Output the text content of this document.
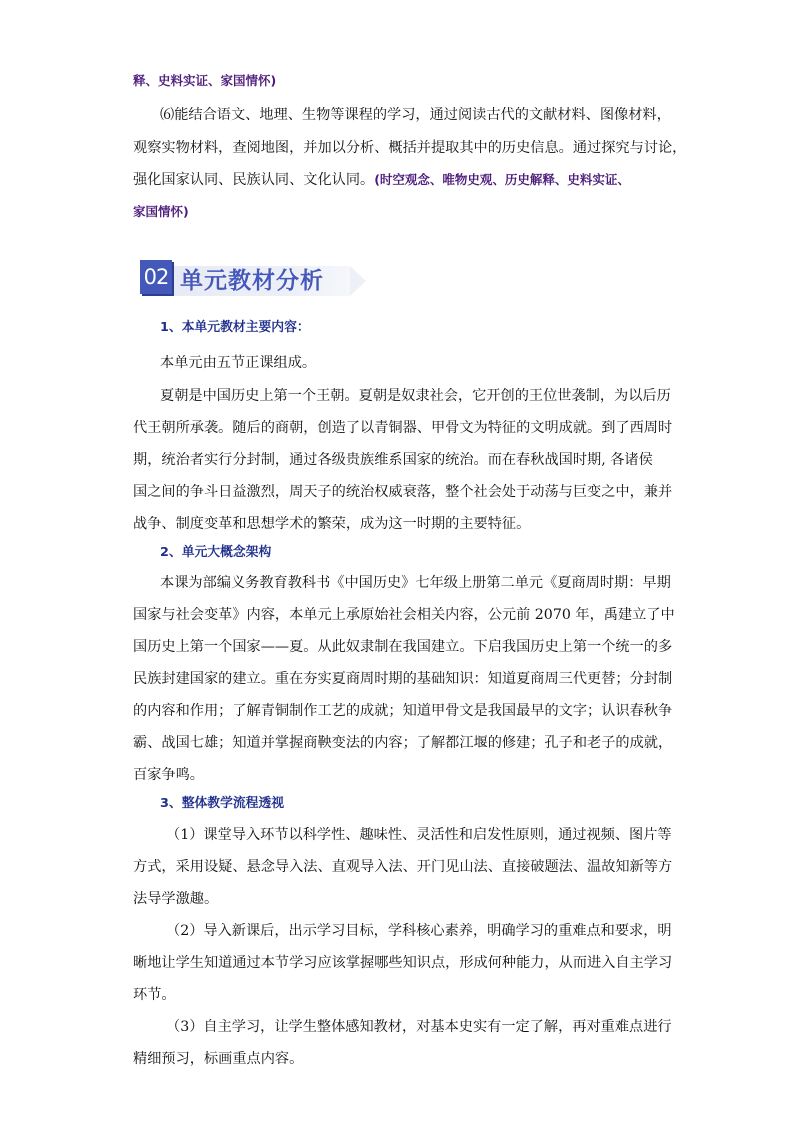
释、史料实证、家国情怀)
⑹能结合语文、地理、生物等课程的学习，通过阅读古代的文献材料、图像材料，
观察实物材料，查阅地图，并加以分析、概括并提取其中的历史信息。通过探究与讨论，
强化国家认同、民族认同、文化认同。(时空观念、唯物史观、历史解释、史料实证、
家国情怀)
02 单元教材分析
1、本单元教材主要内容：
本单元由五节正课组成。
夏朝是中国历史上第一个王朝。夏朝是奴隶社会，它开创的王位世袭制，为以后历
代王朝所承袭。随后的商朝，创造了以青铜器、甲骨文为特征的文明成就。到了西周时
期，统治者实行分封制，通过各级贵族维系国家的统治。而在春秋战国时期, 各诸侯
国之间的争斗日益激烈，周天子的统治权威衰落，整个社会处于动荡与巨变之中，兼并
战争、制度变革和思想学术的繁荣，成为这一时期的主要特征。
2、单元大概念架构
本课为部编义务教育教科书《中国历史》七年级上册第二单元《夏商周时期：早期
国家与社会变革》内容，本单元上承原始社会相关内容，公元前 2070 年，禹建立了中
国历史上第一个国家——夏。从此奴隶制在我国建立。下启我国历史上第一个统一的多
民族封建国家的建立。重在夯实夏商周时期的基础知识：知道夏商周三代更替；分封制
的内容和作用；了解青铜制作工艺的成就；知道甲骨文是我国最早的文字；认识春秋争
霸、战国七雄；知道并掌握商鞅变法的内容；了解都江堰的修建；孔子和老子的成就，
百家争鸣。
3、整体教学流程透视
（1）课堂导入环节以科学性、趣味性、灵活性和启发性原则，通过视频、图片等
方式，采用设疑、悬念导入法、直观导入法、开门见山法、直接破题法、温故知新等方
法导学激趣。
（2）导入新课后，出示学习目标，学科核心素养，明确学习的重难点和要求，明
晰地让学生知道通过本节学习应该掌握哪些知识点，形成何种能力，从而进入自主学习
环节。
（3）自主学习，让学生整体感知教材，对基本史实有一定了解，再对重难点进行
精细预习，标画重点内容。
